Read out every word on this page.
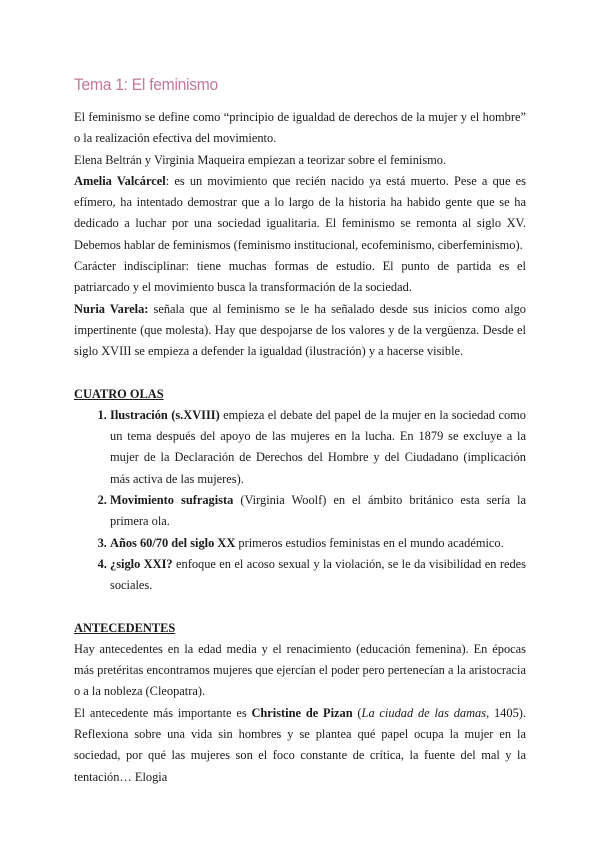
Tema 1: El feminismo

El feminismo se define como “principio de igualdad de derechos de la mujer y el hombre” o la realización efectiva del movimiento.

Elena Beltrán y Virginia Maqueira empiezan a teorizar sobre el feminismo.

Amelia Valcárcel: es un movimiento que recién nacido ya está muerto. Pese a que es efímero, ha intentado demostrar que a lo largo de la historia ha habido gente que se ha dedicado a luchar por una sociedad igualitaria. El feminismo se remonta al siglo XV. Debemos hablar de feminismos (feminismo institucional, ecofeminismo, ciberfeminismo).

Carácter indisciplinar: tiene muchas formas de estudio. El punto de partida es el patriarcado y el movimiento busca la transformación de la sociedad.

Nuria Varela: señala que al feminismo se le ha señalado desde sus inicios como algo impertinente (que molesta). Hay que despojarse de los valores y de la vergüenza. Desde el siglo XVIII se empieza a defender la igualdad (ilustración) y a hacerse visible.

CUATRO OLAS
1. Ilustración (s.XVIII) empieza el debate del papel de la mujer en la sociedad como un tema después del apoyo de las mujeres en la lucha. En 1879 se excluye a la mujer de la Declaración de Derechos del Hombre y del Ciudadano (implicación más activa de las mujeres).
2. Movimiento sufragista (Virginia Woolf) en el ámbito británico esta sería la primera ola.
3. Años 60/70 del siglo XX primeros estudios feministas en el mundo académico.
4. ¿siglo XXI? enfoque en el acoso sexual y la violación, se le da visibilidad en redes sociales.
ANTECEDENTES

Hay antecedentes en la edad media y el renacimiento (educación femenina). En épocas más pretéritas encontramos mujeres que ejercían el poder pero pertenecían a la aristocracia o a la nobleza (Cleopatra).

El antecedente más importante es Christine de Pizan (La ciudad de las damas, 1405). Reflexiona sobre una vida sin hombres y se plantea qué papel ocupa la mujer en la sociedad, por qué las mujeres son el foco constante de crítica, la fuente del mal y la tentación… Elogia
